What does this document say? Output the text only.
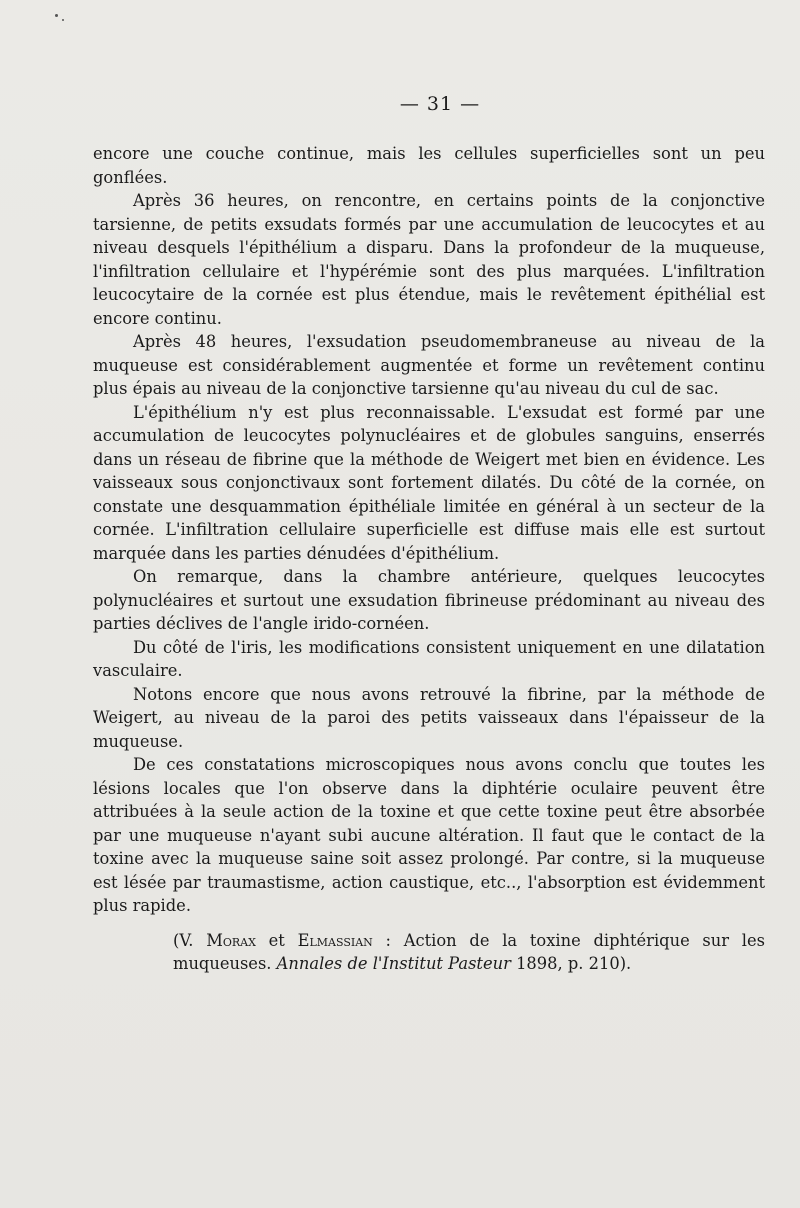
— 31 —

encore une couche continue, mais les cellules superficielles sont un peu gonflées.

Après 36 heures, on rencontre, en certains points de la conjonctive tarsienne, de petits exsudats formés par une accumulation de leucocytes et au niveau desquels l'épithélium a disparu. Dans la profondeur de la muqueuse, l'infiltration cellulaire et l'hypérémie sont des plus marquées. L'infiltration leucocytaire de la cornée est plus étendue, mais le revêtement épithélial est encore continu.

Après 48 heures, l'exsudation pseudomembraneuse au niveau de la muqueuse est considérablement augmentée et forme un revêtement continu plus épais au niveau de la conjonctive tarsienne qu'au niveau du cul de sac.

L'épithélium n'y est plus reconnaissable. L'exsudat est formé par une accumulation de leucocytes polynucléaires et de globules sanguins, enserrés dans un réseau de fibrine que la méthode de Weigert met bien en évidence. Les vaisseaux sous conjonctivaux sont fortement dilatés. Du côté de la cornée, on constate une desquammation épithéliale limitée en général à un secteur de la cornée. L'infiltration cellulaire superficielle est diffuse mais elle est surtout marquée dans les parties dénudées d'épithélium.

On remarque, dans la chambre antérieure, quelques leucocytes polynucléaires et surtout une exsudation fibrineuse prédominant au niveau des parties déclives de l'angle irido-cornéen.

Du côté de l'iris, les modifications consistent uniquement en une dilatation vasculaire.

Notons encore que nous avons retrouvé la fibrine, par la méthode de Weigert, au niveau de la paroi des petits vaisseaux dans l'épaisseur de la muqueuse.

De ces constatations microscopiques nous avons conclu que toutes les lésions locales que l'on observe dans la diphtérie oculaire peuvent être attribuées à la seule action de la toxine et que cette toxine peut être absorbée par une muqueuse n'ayant subi aucune altération. Il faut que le contact de la toxine avec la muqueuse saine soit assez prolongé. Par contre, si la muqueuse est lésée par traumastisme, action caustique, etc.., l'absorption est évidemment plus rapide.

(V. Morax et Elmassian : Action de la toxine diphtérique sur les muqueuses. Annales de l'Institut Pasteur 1898, p. 210).
